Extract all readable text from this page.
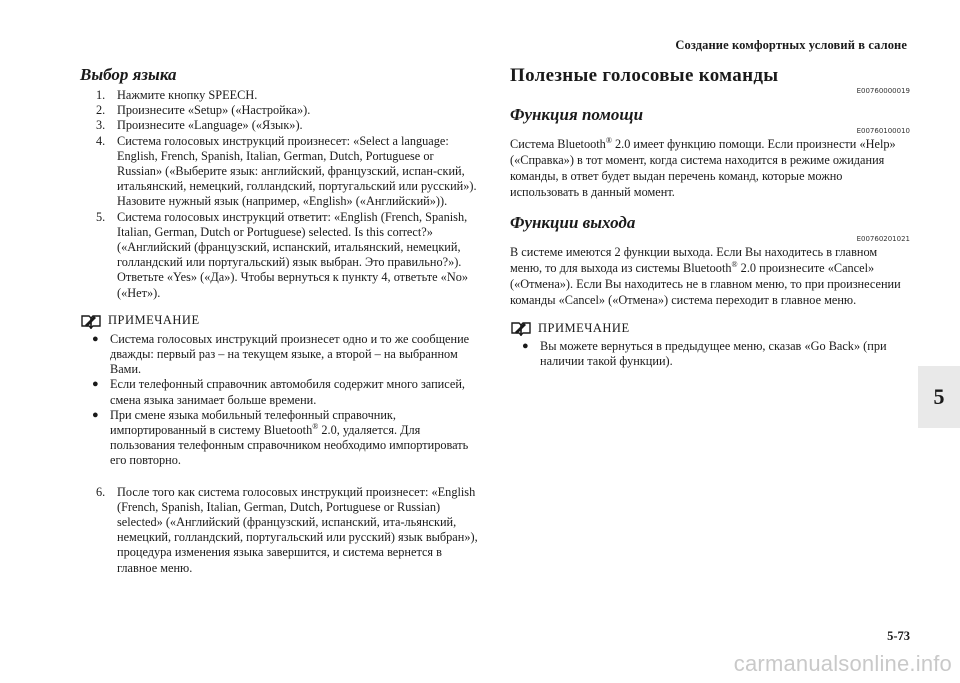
Создание комфортных условий в салоне
Выбор языка
1. Нажмите кнопку SPEECH.
2. Произнесите «Setup» («Настройка»).
3. Произнесите «Language» («Язык»).
4. Система голосовых инструкций произнесет: «Select a language: English, French, Spanish, Italian, German, Dutch, Portuguese or Russian» («Выберите язык: английский, французский, испан-ский, итальянский, немецкий, голландский, португальский или русский»). Назовите нужный язык (например, «English» («Английский»)).
5. Система голосовых инструкций ответит: «English (French, Spanish, Italian, German, Dutch or Portuguese) selected. Is this correct?» («Английский (французский, испанский, итальянский, немецкий, голландский или португальский) язык выбран. Это правильно?»). Ответьте «Yes» («Да»). Чтобы вернуться к пункту 4, ответьте «No» («Нет»).
ПРИМЕЧАНИЕ
● Система голосовых инструкций произнесет одно и то же сообщение дважды: первый раз – на текущем языке, а второй – на выбранном Вами.
● Если телефонный справочник автомобиля содержит много записей, смена языка занимает больше времени.
● При смене языка мобильный телефонный справочник, импортированный в систему Bluetooth® 2.0, удаляется. Для пользования телефонным справочником необходимо импортировать его повторно.
6. После того как система голосовых инструкций произнесет: «English (French, Spanish, Italian, German, Dutch, Portuguese or Russian) selected» («Английский (французский, испанский, ита-льянский, немецкий, голландский, португальский или русский) язык выбран»), процедура изменения языка завершится, и система вернется в главное меню.
Полезные голосовые команды
E00760000019
Функция помощи
E00760100010

Система Bluetooth® 2.0 имеет функцию помощи. Если произнести «Help» («Справка») в тот момент, когда система находится в режиме ожидания команды, в ответ будет выдан перечень команд, которые можно использовать в данный момент.

Функции выхода
E00760201021

В системе имеются 2 функции выхода. Если Вы находитесь в главном меню, то для выхода из системы Bluetooth® 2.0 произнесите «Cancel» («Отмена»). Если Вы находитесь не в главном меню, то при произнесении команды «Cancel» («Отмена») система переходит в главное меню.

ПРИМЕЧАНИЕ
● Вы можете вернуться в предыдущее меню, сказав «Go Back» (при наличии такой функции).
5
5-73
carmanualsonline.info
